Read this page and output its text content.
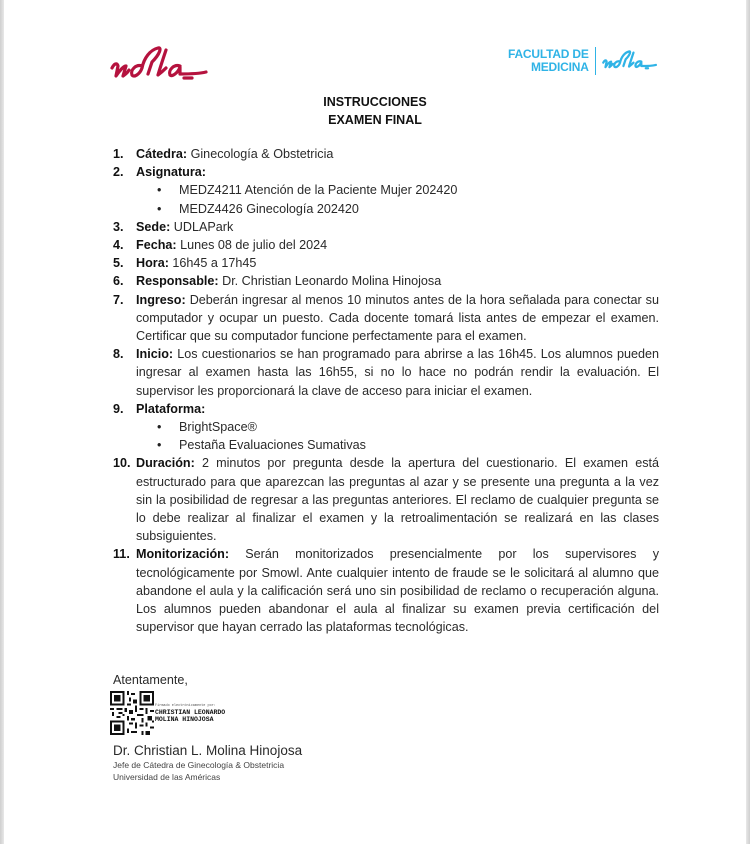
FACULTAD DE
MEDICINA
INSTRUCCIONES
EXAMEN FINAL
1. Cátedra: Ginecología & Obstetricia
2. Asignatura:
• MEDZ4211 Atención de la Paciente Mujer 202420
• MEDZ4426 Ginecología 202420
3. Sede: UDLAPark
4. Fecha: Lunes 08 de julio del 2024
5. Hora: 16h45 a 17h45
6. Responsable: Dr. Christian Leonardo Molina Hinojosa
7. Ingreso: Deberán ingresar al menos 10 minutos antes de la hora señalada para conectar su computador y ocupar un puesto. Cada docente tomará lista antes de empezar el examen. Certificar que su computador funcione perfectamente para el examen.
8. Inicio: Los cuestionarios se han programado para abrirse a las 16h45. Los alumnos pueden ingresar al examen hasta las 16h55, si no lo hace no podrán rendir la evaluación. El supervisor les proporcionará la clave de acceso para iniciar el examen.
9. Plataforma:
• BrightSpace®
• Pestaña Evaluaciones Sumativas
10. Duración: 2 minutos por pregunta desde la apertura del cuestionario. El examen está estructurado para que aparezcan las preguntas al azar y se presente una pregunta a la vez sin la posibilidad de regresar a las preguntas anteriores. El reclamo de cualquier pregunta se lo debe realizar al finalizar el examen y la retroalimentación se realizará en las clases subsiguientes.
11. Monitorización: Serán monitorizados presencialmente por los supervisores y tecnológicamente por Smowl. Ante cualquier intento de fraude se le solicitará al alumno que abandone el aula y la calificación será uno sin posibilidad de reclamo o recuperación alguna. Los alumnos pueden abandonar el aula al finalizar su examen previa certificación del supervisor que hayan cerrado las plataformas tecnológicas.
Atentamente,
Firmado electrónicamente por:
CHRISTIAN LEONARDO
MOLINA HINOJOSA
Dr. Christian L. Molina Hinojosa
Jefe de Cátedra de Ginecología & Obstetricia
Universidad de las Américas
